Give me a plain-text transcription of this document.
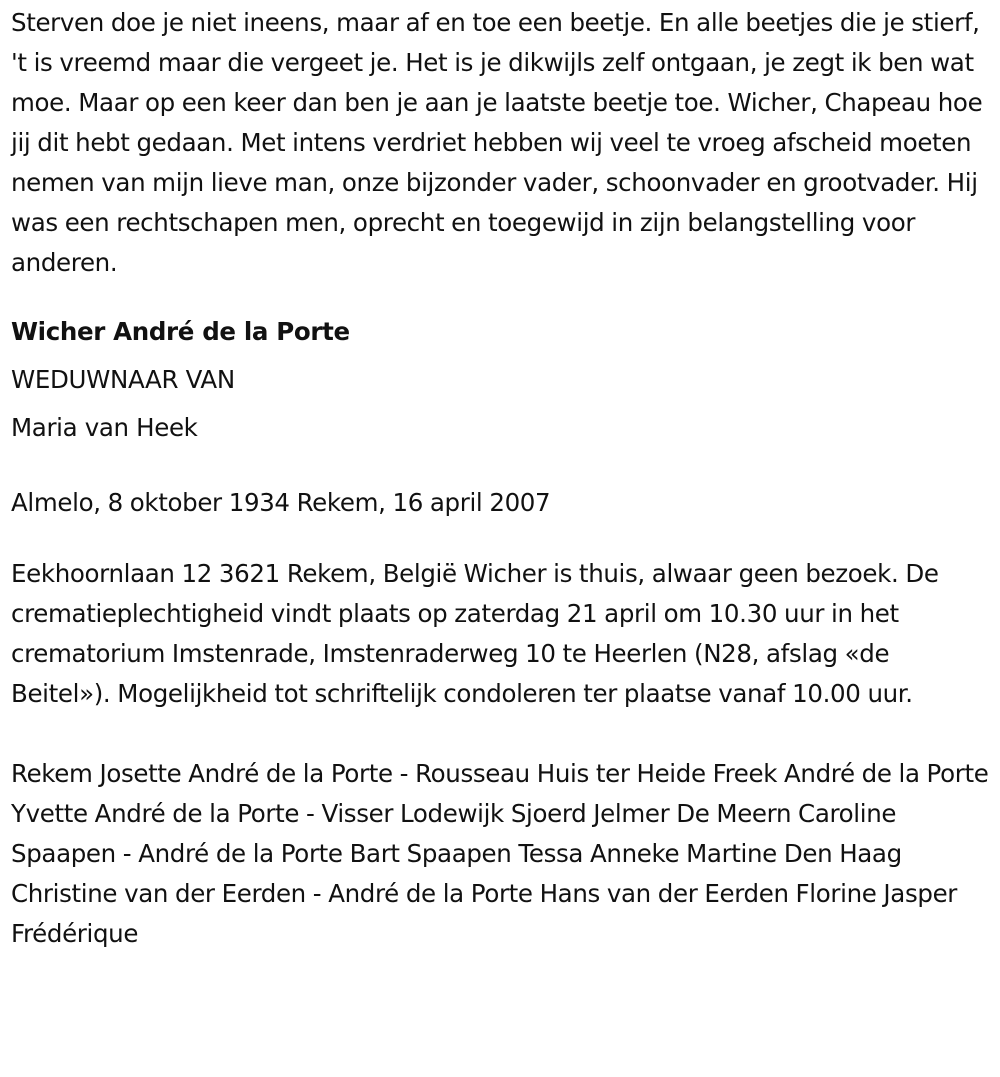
Sterven doe je niet ineens, maar af en toe een beetje. En alle beetjes die je stierf, 't is vreemd maar die vergeet je. Het is je dikwijls zelf ontgaan, je zegt ik ben wat moe. Maar op een keer dan ben je aan je laatste beetje toe. Wicher, Chapeau hoe jij dit hebt gedaan. Met intens verdriet hebben wij veel te vroeg afscheid moeten nemen van mijn lieve man, onze bijzonder vader, schoonvader en grootvader. Hij was een rechtschapen men, oprecht en toegewijd in zijn belangstelling voor anderen.

Wicher André de la Porte

WEDUWNAAR VAN

Maria van Heek

Almelo, 8 oktober 1934 Rekem, 16 april 2007

Eekhoornlaan 12 3621 Rekem, België Wicher is thuis, alwaar geen bezoek. De crematieplechtigheid vindt plaats op zaterdag 21 april om 10.30 uur in het crematorium Imstenrade, Imstenraderweg 10 te Heerlen (N28, afslag «de Beitel»). Mogelijkheid tot schriftelijk condoleren ter plaatse vanaf 10.00 uur.

Rekem Josette André de la Porte - Rousseau Huis ter Heide Freek André de la Porte Yvette André de la Porte - Visser Lodewijk Sjoerd Jelmer De Meern Caroline Spaapen - André de la Porte Bart Spaapen Tessa Anneke Martine Den Haag Christine van der Eerden - André de la Porte Hans van der Eerden Florine Jasper Frédérique
